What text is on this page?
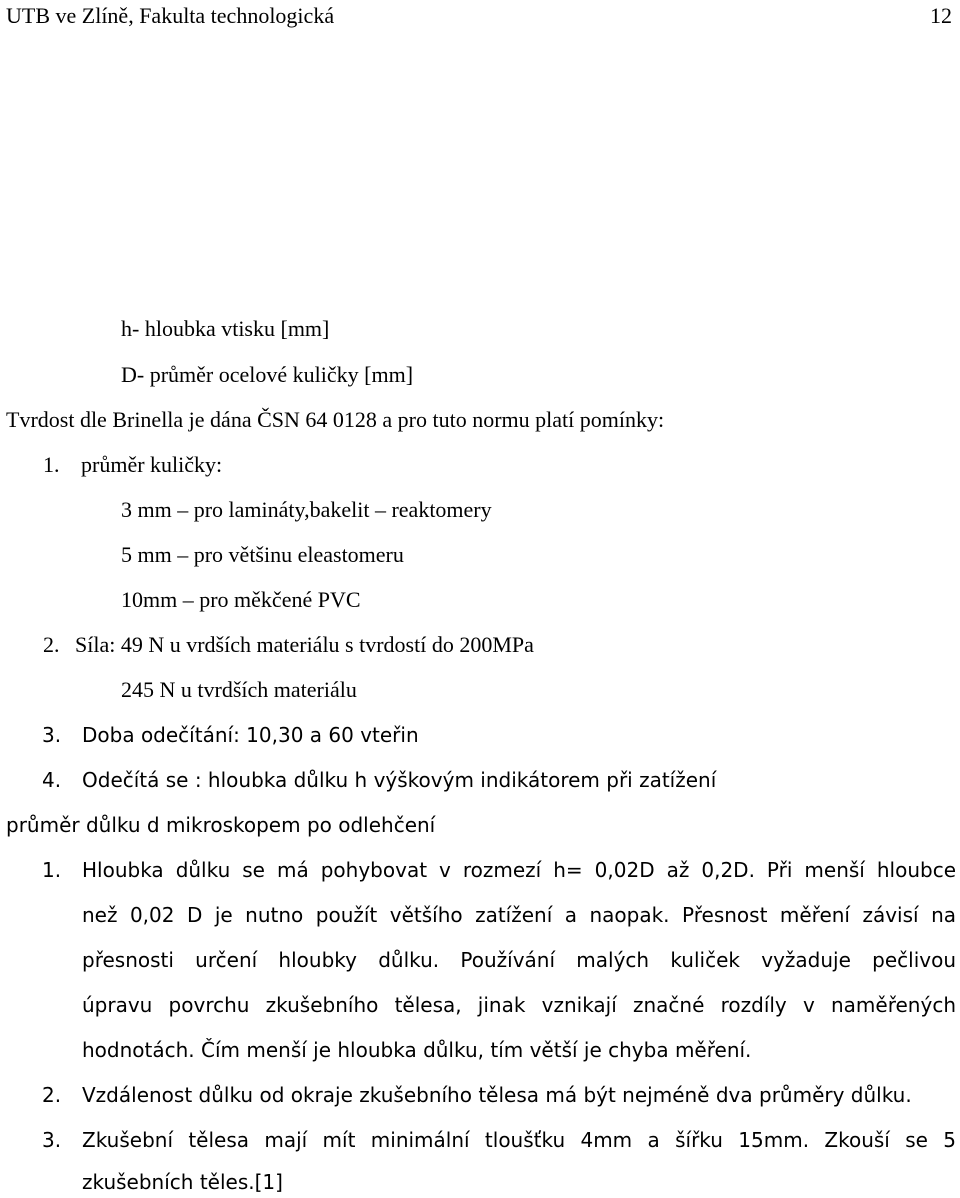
UTB ve Zlíně, Fakulta technologická	12
h- hloubka vtisku [mm]
D- průměr ocelové kuličky [mm]
Tvrdost dle Brinella je dána ČSN 64 0128 a pro tuto normu platí pomínky:
1. průměr kuličky:
3 mm – pro lamináty,bakelit – reaktomery
5 mm – pro většinu eleastomeru
10mm – pro měkčené PVC
2. Síla: 49 N u vrdších materiálu s tvrdostí do 200MPa
245 N u tvrdších materiálu
3. Doba odečítání: 10,30 a 60 vteřin
4. Odečítá se : hloubka důlku h výškovým indikátorem při zatížení
průměr důlku d mikroskopem po odlehčení
1. Hloubka důlku se má pohybovat v rozmezí h= 0,02D až 0,2D. Při menší hloubce
než 0,02 D je nutno použít většího zatížení a naopak. Přesnost měření závisí na
přesnosti určení hloubky důlku. Používání malých kuliček vyžaduje pečlivou
úpravu povrchu zkušebního tělesa, jinak vznikají značné rozdíly v naměřených
hodnotách. Čím menší je hloubka důlku, tím větší je chyba měření.
2. Vzdálenost důlku od okraje zkušebního tělesa má být nejméně dva průměry důlku.
3. Zkušební tělesa mají mít minimální tloušťku 4mm a šířku 15mm. Zkouší se 5
zkušebních těles.[1]
